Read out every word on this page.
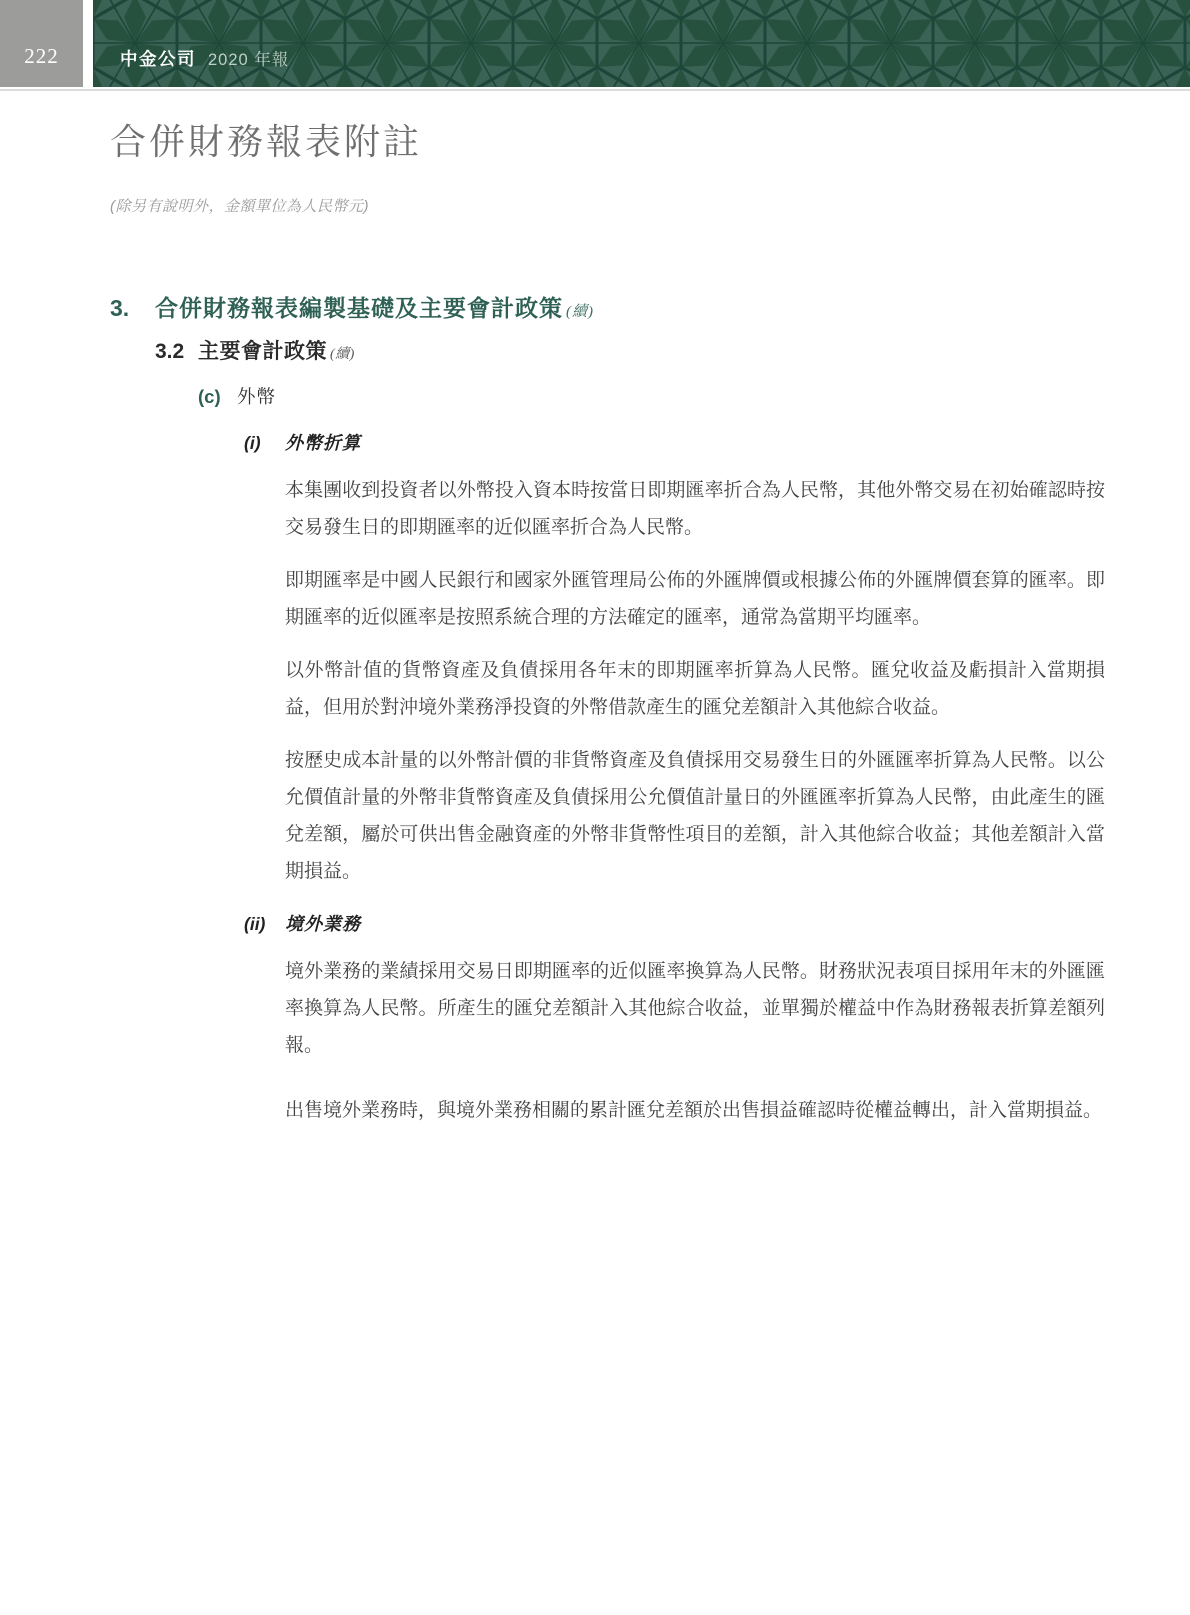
222	中金公司 2020 年報
合併財務報表附註

(除另有說明外，金額單位為人民幣元)

3.	合併財務報表編製基礎及主要會計政策 (續)
3.2 主要會計政策 (續)
(c) 外幣
(i)	外幣折算

本集團收到投資者以外幣投入資本時按當日即期匯率折合為人民幣，其他外幣交易在初始確認時按交易發生日的即期匯率的近似匯率折合為人民幣。

即期匯率是中國人民銀行和國家外匯管理局公佈的外匯牌價或根據公佈的外匯牌價套算的匯率。即期匯率的近似匯率是按照系統合理的方法確定的匯率，通常為當期平均匯率。

以外幣計值的貨幣資產及負債採用各年末的即期匯率折算為人民幣。匯兌收益及虧損計入當期損益，但用於對沖境外業務淨投資的外幣借款產生的匯兌差額計入其他綜合收益。

按歷史成本計量的以外幣計價的非貨幣資產及負債採用交易發生日的外匯匯率折算為人民幣。以公允價值計量的外幣非貨幣資產及負債採用公允價值計量日的外匯匯率折算為人民幣，由此產生的匯兌差額，屬於可供出售金融資產的外幣非貨幣性項目的差額，計入其他綜合收益；其他差額計入當期損益。

(ii)	境外業務

境外業務的業績採用交易日即期匯率的近似匯率換算為人民幣。財務狀況表項目採用年末的外匯匯率換算為人民幣。所產生的匯兌差額計入其他綜合收益，並單獨於權益中作為財務報表折算差額列報。

出售境外業務時，與境外業務相關的累計匯兌差額於出售損益確認時從權益轉出，計入當期損益。
